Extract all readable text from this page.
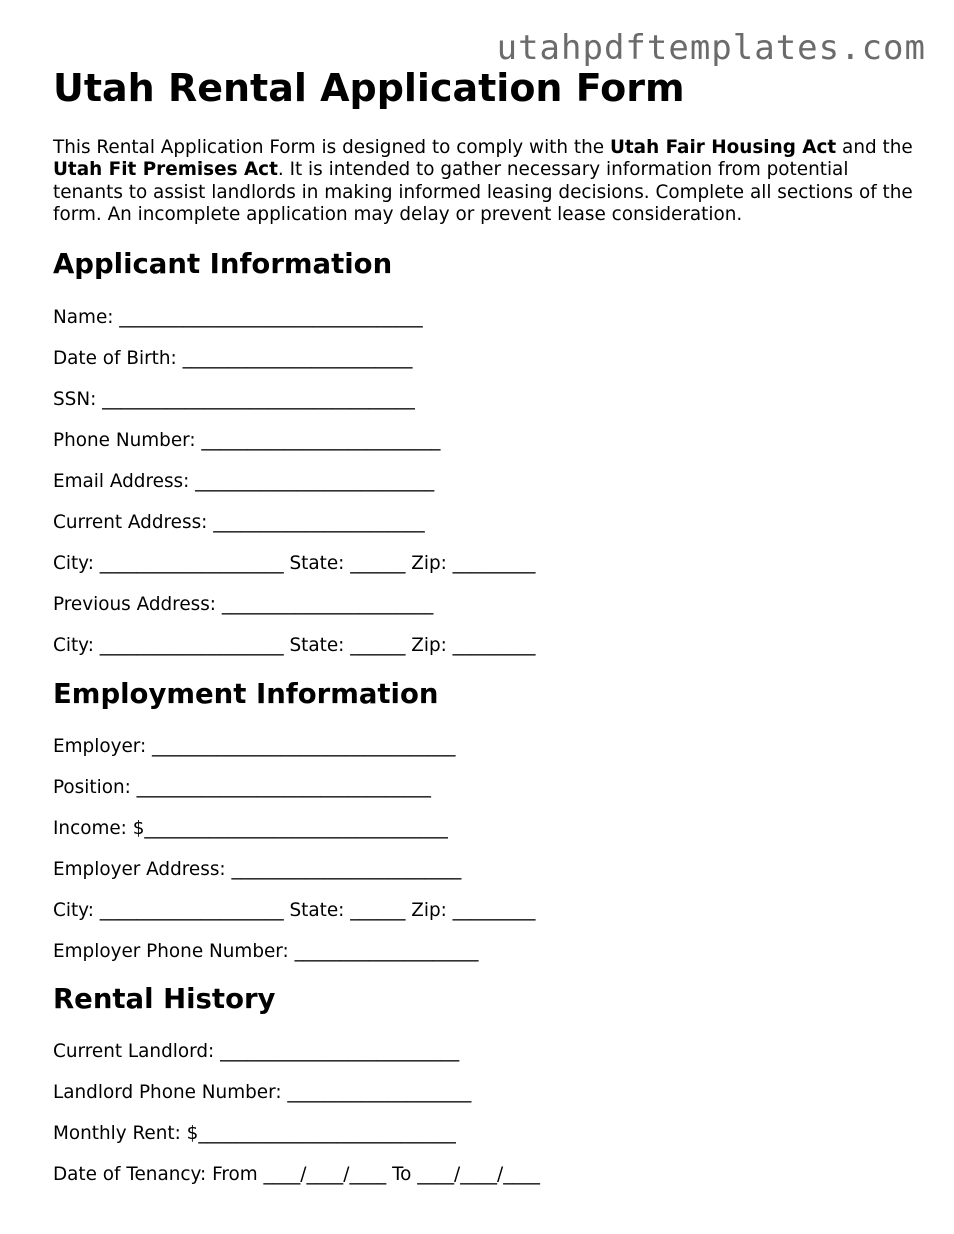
utahpdftemplates.com
Utah Rental Application Form

This Rental Application Form is designed to comply with the Utah Fair Housing Act and the Utah Fit Premises Act. It is intended to gather necessary information from potential tenants to assist landlords in making informed leasing decisions. Complete all sections of the form. An incomplete application may delay or prevent lease consideration.

Applicant Information
Name: _________________________________
Date of Birth: _________________________
SSN: __________________________________
Phone Number: __________________________
Email Address: __________________________
Current Address: _______________________
City: ____________________ State: ______ Zip: _________
Previous Address: _______________________
City: ____________________ State: ______ Zip: _________
Employment Information
Employer: _________________________________
Position: ________________________________
Income: $_________________________________
Employer Address: _________________________
City: ____________________ State: ______ Zip: _________
Employer Phone Number: ____________________
Rental History
Current Landlord: __________________________
Landlord Phone Number: ____________________
Monthly Rent: $____________________________
Date of Tenancy: From ____/____/____ To ____/____/____
